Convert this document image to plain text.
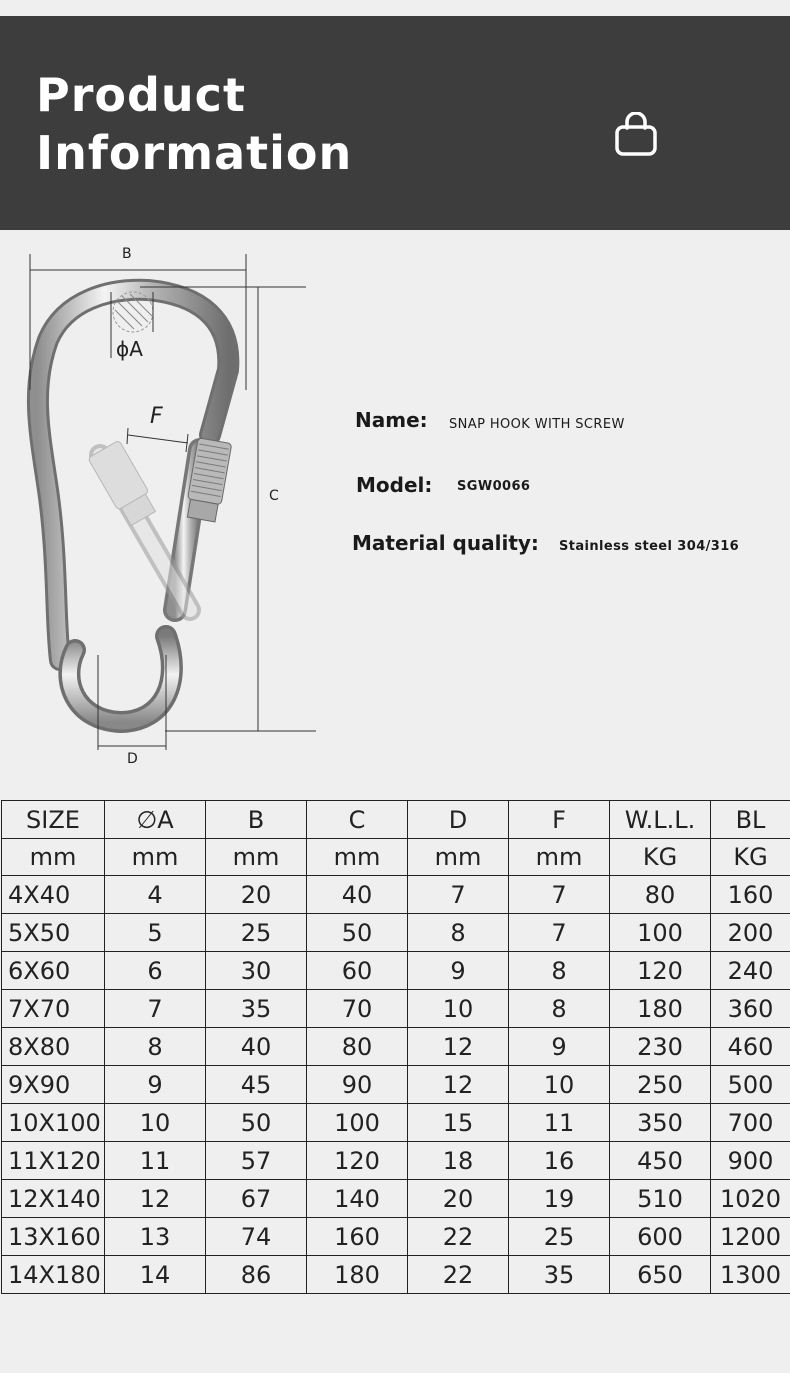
Product
Information
B
ϕA
F
C
D
Name: SNAP HOOK WITH SCREW
Model: SGW0066
Material quality: Stainless steel 304/316
SIZE	∅A	B	C	D	F	W.L.L.	BL
mm	mm	mm	mm	mm	mm	KG	KG
4X40	4	20	40	7	7	80	160
5X50	5	25	50	8	7	100	200
6X60	6	30	60	9	8	120	240
7X70	7	35	70	10	8	180	360
8X80	8	40	80	12	9	230	460
9X90	9	45	90	12	10	250	500
10X100	10	50	100	15	11	350	700
11X120	11	57	120	18	16	450	900
12X140	12	67	140	20	19	510	1020
13X160	13	74	160	22	25	600	1200
14X180	14	86	180	22	35	650	1300
